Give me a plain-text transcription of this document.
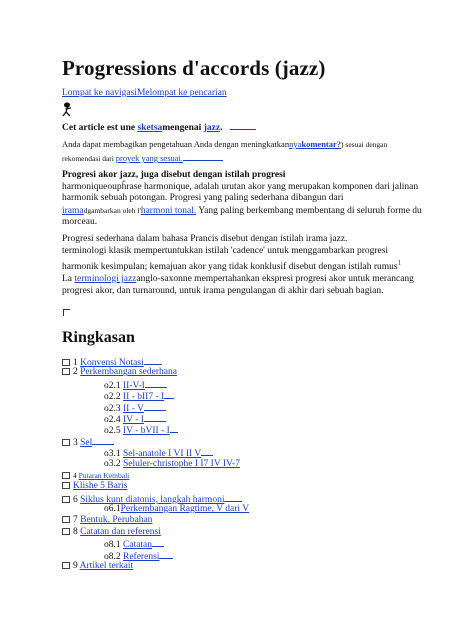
Progressions d'accords (jazz)
Lompat ke navigasiMelompat ke pencarian
Cet article est une sketsamengenai jazz.
Anda dapat membagikan pengetahuan Anda dengan meningkatkannyakomentar?) sesuai dengan rekomendasi dari proyek yang sesuai.
Progresi akor jazz, juga disebut dengan istilah progresi
harmoniqueoupĥrase harmonique, adalah urutan akor yang merupakan komponen dari jalinan harmonik sebuah potongan. Progresi yang paling sederhana dibangun dari
iramadgambarkan oleh l'harmoni tonal. Yang paling berkembang membentang di seluruh forme du morceau.
Progresi sederhana dalam bahasa Prancis disebut dengan istilah irama jazz.
terminologi klasik mempertuntukkan istilah 'cadence' untuk menggambarkan progresi harmonik kesimpulan; kemajuan akor yang tidak konklusif disebut dengan istilah rumus$^1$
La terminologi jazzanglo-saxonne mempertahankan ekspresi progresi akor untuk merancang progresi akor, dan turnaround, untuk irama pengulangan di akhir dari sebuah bagian.
Ringkasan
1 Konvensi Notasi
2 Perkembangan sederhana
o2.1 II-V-I
o2.2 II - bII7 - I
o2.3 II - V
o2.4 IV - I
o2.5 IV - bVII - I
3 Sel
o3.1 Sel-anatole I VI II V
o3.2 Seluler-christophe I I7 IV IV-7
4 Putaran Kembali
Klishe 5 Baris
6 Siklus kunt diatonis, langkah harmoni
o6.1Perkembangan Ragtime, V dari V
7 Bentuk, Perubahan
8 Catatan dan referensi
o8.1 Catatan
o8.2 Referensi
9 Artikel terkait
